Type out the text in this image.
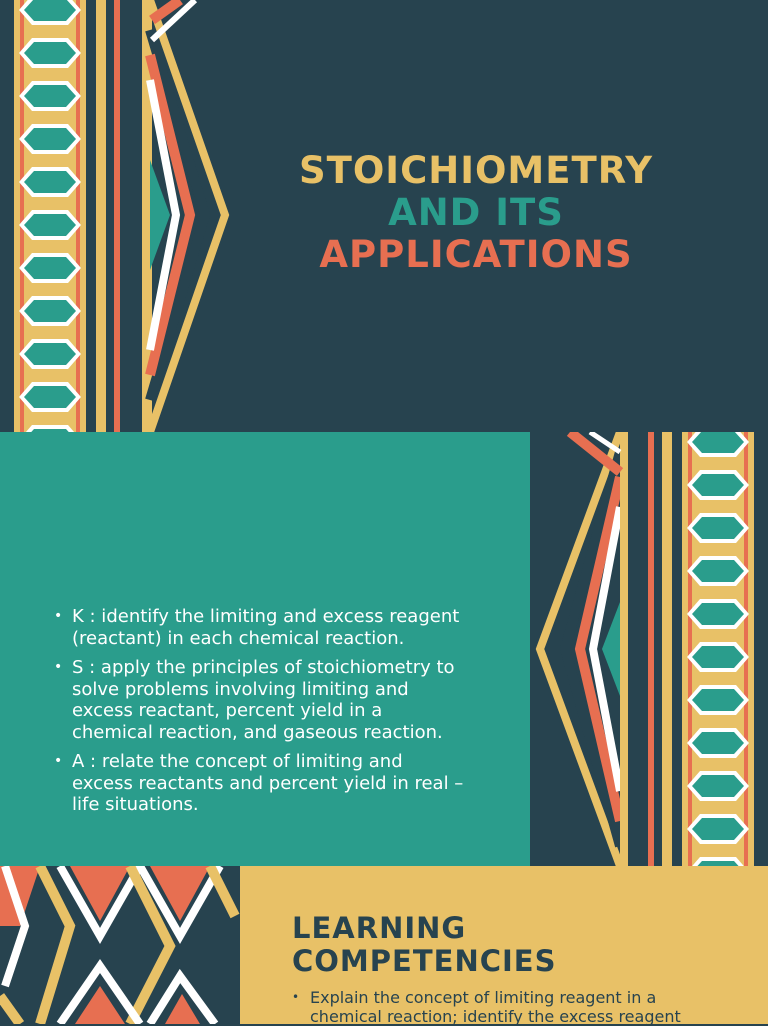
STOICHIOMETRY
AND ITS
APPLICATIONS
• K : identify the limiting and excess reagent (reactant) in each chemical reaction.
• S : apply the principles of stoichiometry to solve problems involving limiting and excess reactant, percent yield in a chemical reaction, and gaseous reaction.
• A : relate the concept of limiting and excess reactants and percent yield in real – life situations.
LEARNING
COMPETENCIES
• Explain the concept of limiting reagent in a chemical reaction; identify the excess reagent
